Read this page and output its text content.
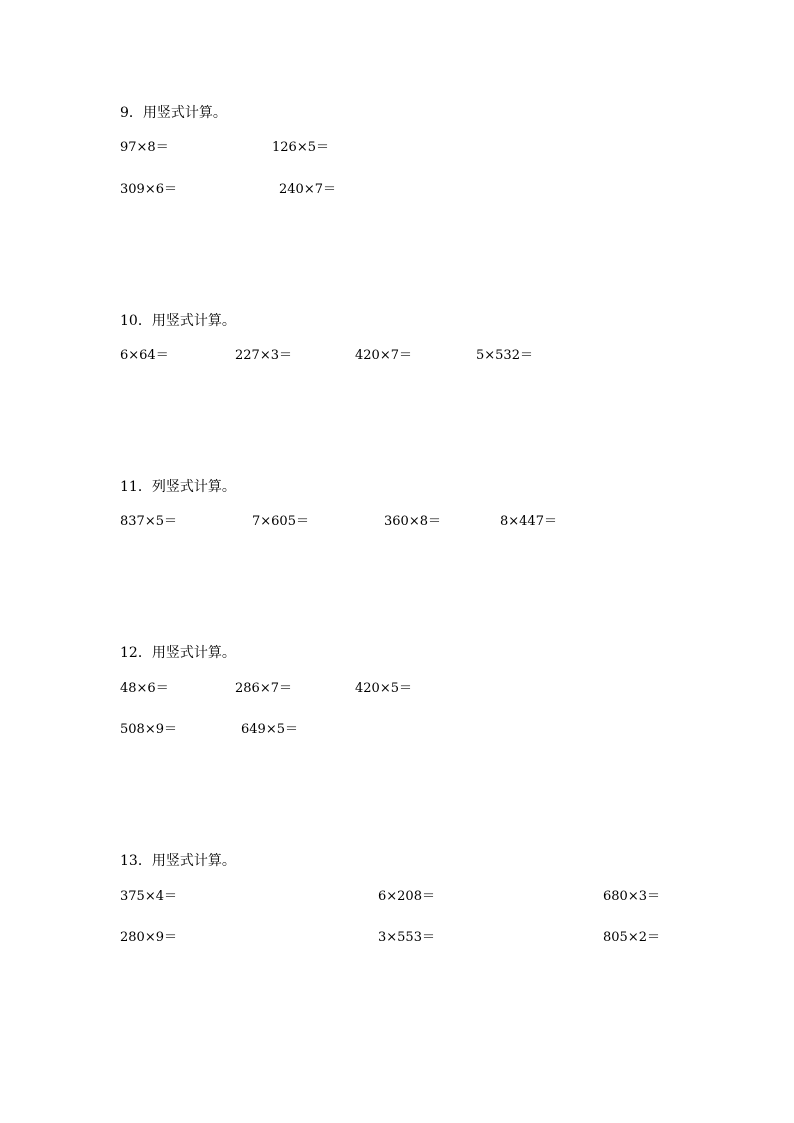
9．用竖式计算。
97×8＝	126×5＝
309×6＝	240×7＝
10．用竖式计算。
6×64＝	227×3＝	420×7＝	5×532＝
11．列竖式计算。
837×5＝	7×605＝	360×8＝	8×447＝
12．用竖式计算。
48×6＝	286×7＝	420×5＝
508×9＝	649×5＝
13．用竖式计算。
375×4＝	6×208＝	680×3＝
280×9＝	3×553＝	805×2＝
